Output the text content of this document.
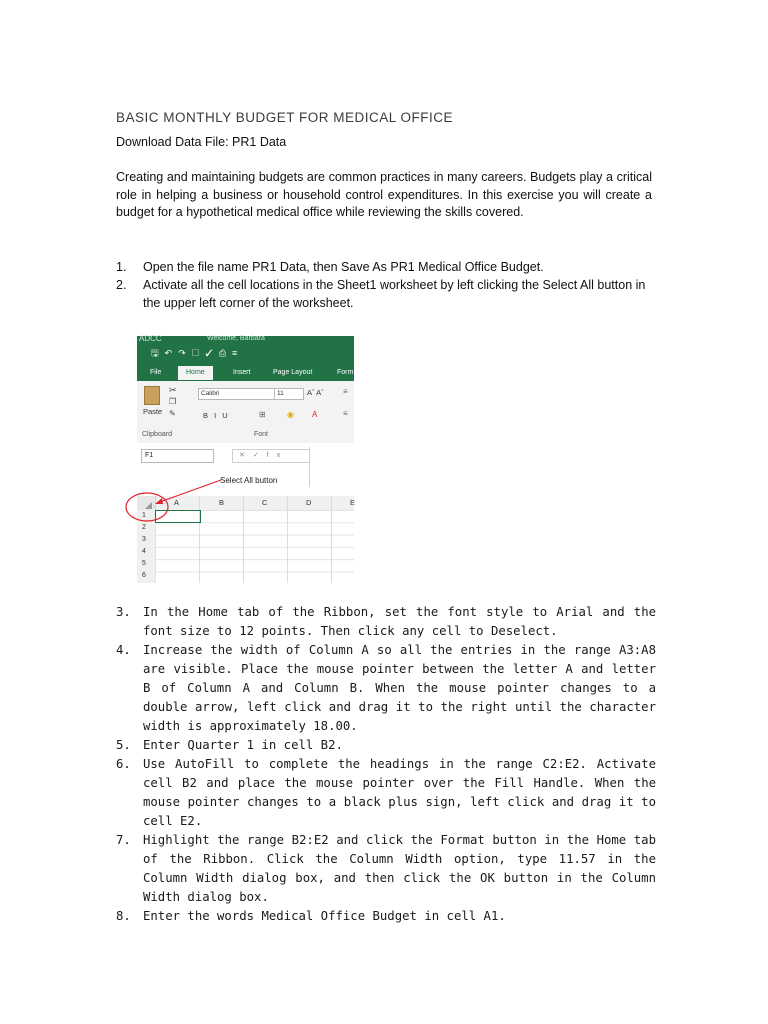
BASIC MONTHLY BUDGET FOR MEDICAL OFFICE
Download Data File: PR1 Data
Creating and maintaining budgets are common practices in many careers. Budgets play a critical role in helping a business or household control expenditures. In this exercise you will create a budget for a hypothetical medical office while reviewing the skills covered.
1. Open the file name PR1 Data, then Save As PR1 Medical Office Budget.
2. Activate all the cell locations in the Sheet1 worksheet by left clicking the Select All button in the upper left corner of the worksheet.
ADCC	Welcome, Barbara
🖫↶↷▢✓⎙≡
File	Home	Insert	Page Layout	Form
✂
❐
✎
Paste
Clipboard
Calibri	11	Aˆ Aˇ
B I U	⊞	◉ A
≡
≡
Font
F1	✕✓fx
Select All button
A	B	C	D	E
1
2
3
4
5
6
3. In the Home tab of the Ribbon, set the font style to Arial and the font size to 12 points. Then click any cell to Deselect.
4. Increase the width of Column A so all the entries in the range A3:A8 are visible. Place the mouse pointer between the letter A and letter B of Column A and Column B. When the mouse pointer changes to a double arrow, left click and drag it to the right until the character width is approximately 18.00.
5. Enter Quarter 1 in cell B2.
6. Use AutoFill to complete the headings in the range C2:E2. Activate cell B2 and place the mouse pointer over the Fill Handle. When the mouse pointer changes to a black plus sign, left click and drag it to cell E2.
7. Highlight the range B2:E2 and click the Format button in the Home tab of the Ribbon. Click the Column Width option, type 11.57 in the Column Width dialog box, and then click the OK button in the Column Width dialog box.
8. Enter the words Medical Office Budget in cell A1.
